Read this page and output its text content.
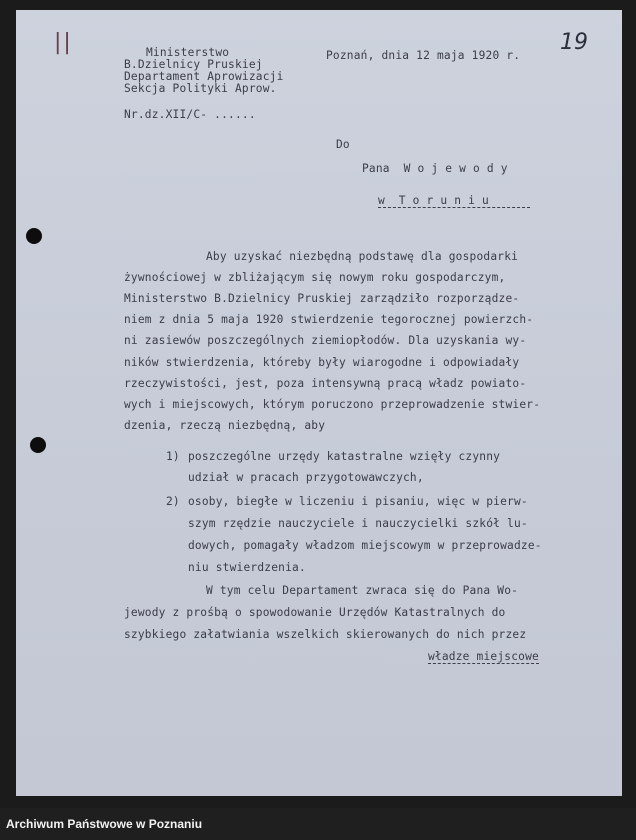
||	19
Ministerstwo
B.Dzielnicy Pruskiej
Departament Aprowizacji
Sekcja Polityki Aprow.
Poznań, dnia 12 maja 1920 r.
Nr.dz.XII/C- ......
Do
Pana  W o j e w o d y
w  T o r u n i u
Aby uzyskać niezbędną podstawę dla gospodarki
żywnościowej w zbliżającym się nowym roku gospodarczym,
Ministerstwo B.Dzielnicy Pruskiej zarządziło rozporządze-
niem z dnia 5 maja 1920 stwierdzenie tegorocznej powierzch-
ni zasiewów poszczególnych ziemiopłodów. Dla uzyskania wy-
ników stwierdzenia, któreby były wiarogodne i odpowiadały
rzeczywistości, jest, poza intensywną pracą władz powiato-
wych i miejscowych, którym poruczono przeprowadzenie stwier-
dzenia, rzeczą niezbędną, aby
1) poszczególne urzędy katastralne wzięły czynny
udział w pracach przygotowawczych,
2) osoby, biegłe w liczeniu i pisaniu, więc w pierw-
szym rzędzie nauczyciele i nauczycielki szkół lu-
dowych, pomagały władzom miejscowym w przeprowadze-
niu stwierdzenia.
W tym celu Departament zwraca się do Pana Wo-
jewody z prośbą o spowodowanie Urzędów Katastralnych do
szybkiego załatwiania wszelkich skierowanych do nich przez
władze miejscowe
Archiwum Państwowe w Poznaniu
